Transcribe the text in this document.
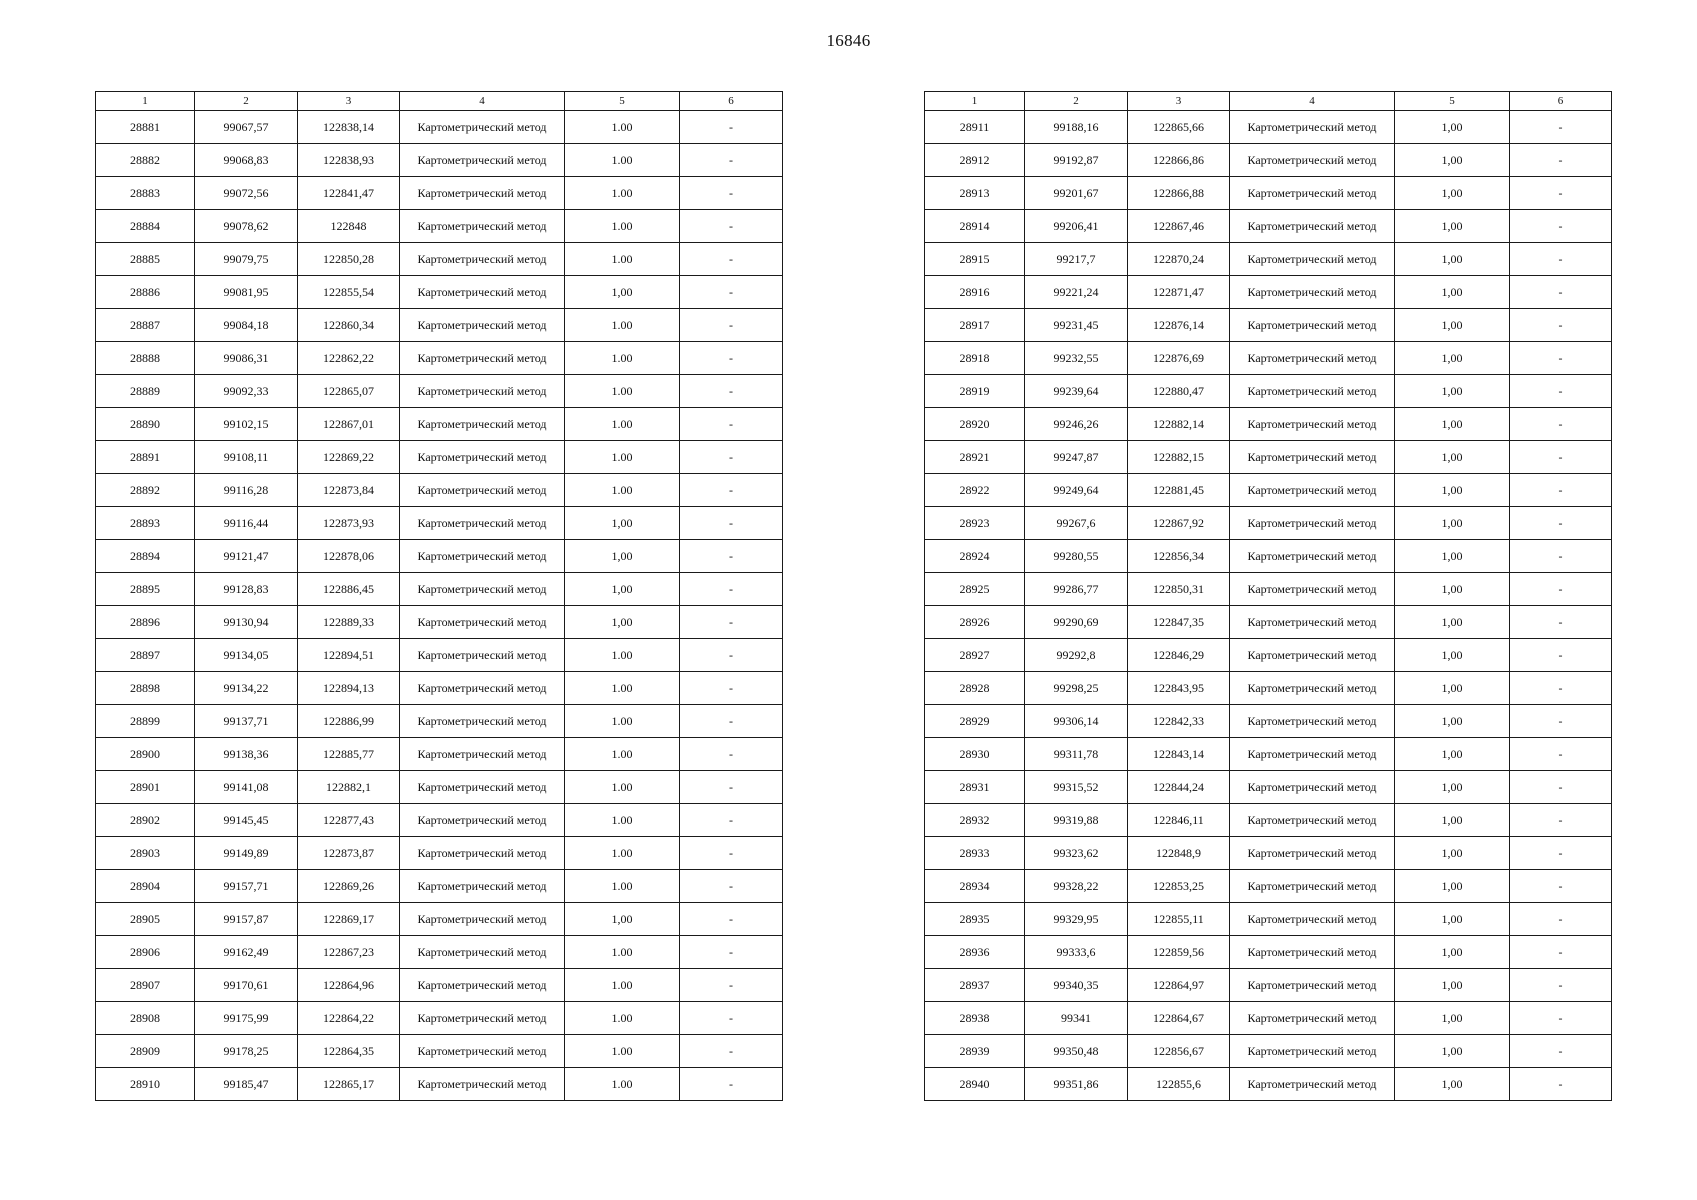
16846
1	2	3	4	5	6
28881	99067,57	122838,14	Картометрический метод	1.00	-
28882	99068,83	122838,93	Картометрический метод	1.00	-
28883	99072,56	122841,47	Картометрический метод	1.00	-
28884	99078,62	122848	Картометрический метод	1.00	-
28885	99079,75	122850,28	Картометрический метод	1.00	-
28886	99081,95	122855,54	Картометрический метод	1,00	-
28887	99084,18	122860,34	Картометрический метод	1.00	-
28888	99086,31	122862,22	Картометрический метод	1.00	-
28889	99092,33	122865,07	Картометрический метод	1.00	-
28890	99102,15	122867,01	Картометрический метод	1.00	-
28891	99108,11	122869,22	Картометрический метод	1.00	-
28892	99116,28	122873,84	Картометрический метод	1.00	-
28893	99116,44	122873,93	Картометрический метод	1,00	-
28894	99121,47	122878,06	Картометрический метод	1,00	-
28895	99128,83	122886,45	Картометрический метод	1,00	-
28896	99130,94	122889,33	Картометрический метод	1,00	-
28897	99134,05	122894,51	Картометрический метод	1.00	-
28898	99134,22	122894,13	Картометрический метод	1.00	-
28899	99137,71	122886,99	Картометрический метод	1.00	-
28900	99138,36	122885,77	Картометрический метод	1.00	-
28901	99141,08	122882,1	Картометрический метод	1.00	-
28902	99145,45	122877,43	Картометрический метод	1.00	-
28903	99149,89	122873,87	Картометрический метод	1.00	-
28904	99157,71	122869,26	Картометрический метод	1.00	-
28905	99157,87	122869,17	Картометрический метод	1,00	-
28906	99162,49	122867,23	Картометрический метод	1.00	-
28907	99170,61	122864,96	Картометрический метод	1.00	-
28908	99175,99	122864,22	Картометрический метод	1.00	-
28909	99178,25	122864,35	Картометрический метод	1.00	-
28910	99185,47	122865,17	Картометрический метод	1.00	-
1	2	3	4	5	6
28911	99188,16	122865,66	Картометрический метод	1,00	-
28912	99192,87	122866,86	Картометрический метод	1,00	-
28913	99201,67	122866,88	Картометрический метод	1,00	-
28914	99206,41	122867,46	Картометрический метод	1,00	-
28915	99217,7	122870,24	Картометрический метод	1,00	-
28916	99221,24	122871,47	Картометрический метод	1,00	-
28917	99231,45	122876,14	Картометрический метод	1,00	-
28918	99232,55	122876,69	Картометрический метод	1,00	-
28919	99239,64	122880,47	Картометрический метод	1,00	-
28920	99246,26	122882,14	Картометрический метод	1,00	-
28921	99247,87	122882,15	Картометрический метод	1,00	-
28922	99249,64	122881,45	Картометрический метод	1,00	-
28923	99267,6	122867,92	Картометрический метод	1,00	-
28924	99280,55	122856,34	Картометрический метод	1,00	-
28925	99286,77	122850,31	Картометрический метод	1,00	-
28926	99290,69	122847,35	Картометрический метод	1,00	-
28927	99292,8	122846,29	Картометрический метод	1,00	-
28928	99298,25	122843,95	Картометрический метод	1,00	-
28929	99306,14	122842,33	Картометрический метод	1,00	-
28930	99311,78	122843,14	Картометрический метод	1,00	-
28931	99315,52	122844,24	Картометрический метод	1,00	-
28932	99319,88	122846,11	Картометрический метод	1,00	-
28933	99323,62	122848,9	Картометрический метод	1,00	-
28934	99328,22	122853,25	Картометрический метод	1,00	-
28935	99329,95	122855,11	Картометрический метод	1,00	-
28936	99333,6	122859,56	Картометрический метод	1,00	-
28937	99340,35	122864,97	Картометрический метод	1,00	-
28938	99341	122864,67	Картометрический метод	1,00	-
28939	99350,48	122856,67	Картометрический метод	1,00	-
28940	99351,86	122855,6	Картометрический метод	1,00	-
